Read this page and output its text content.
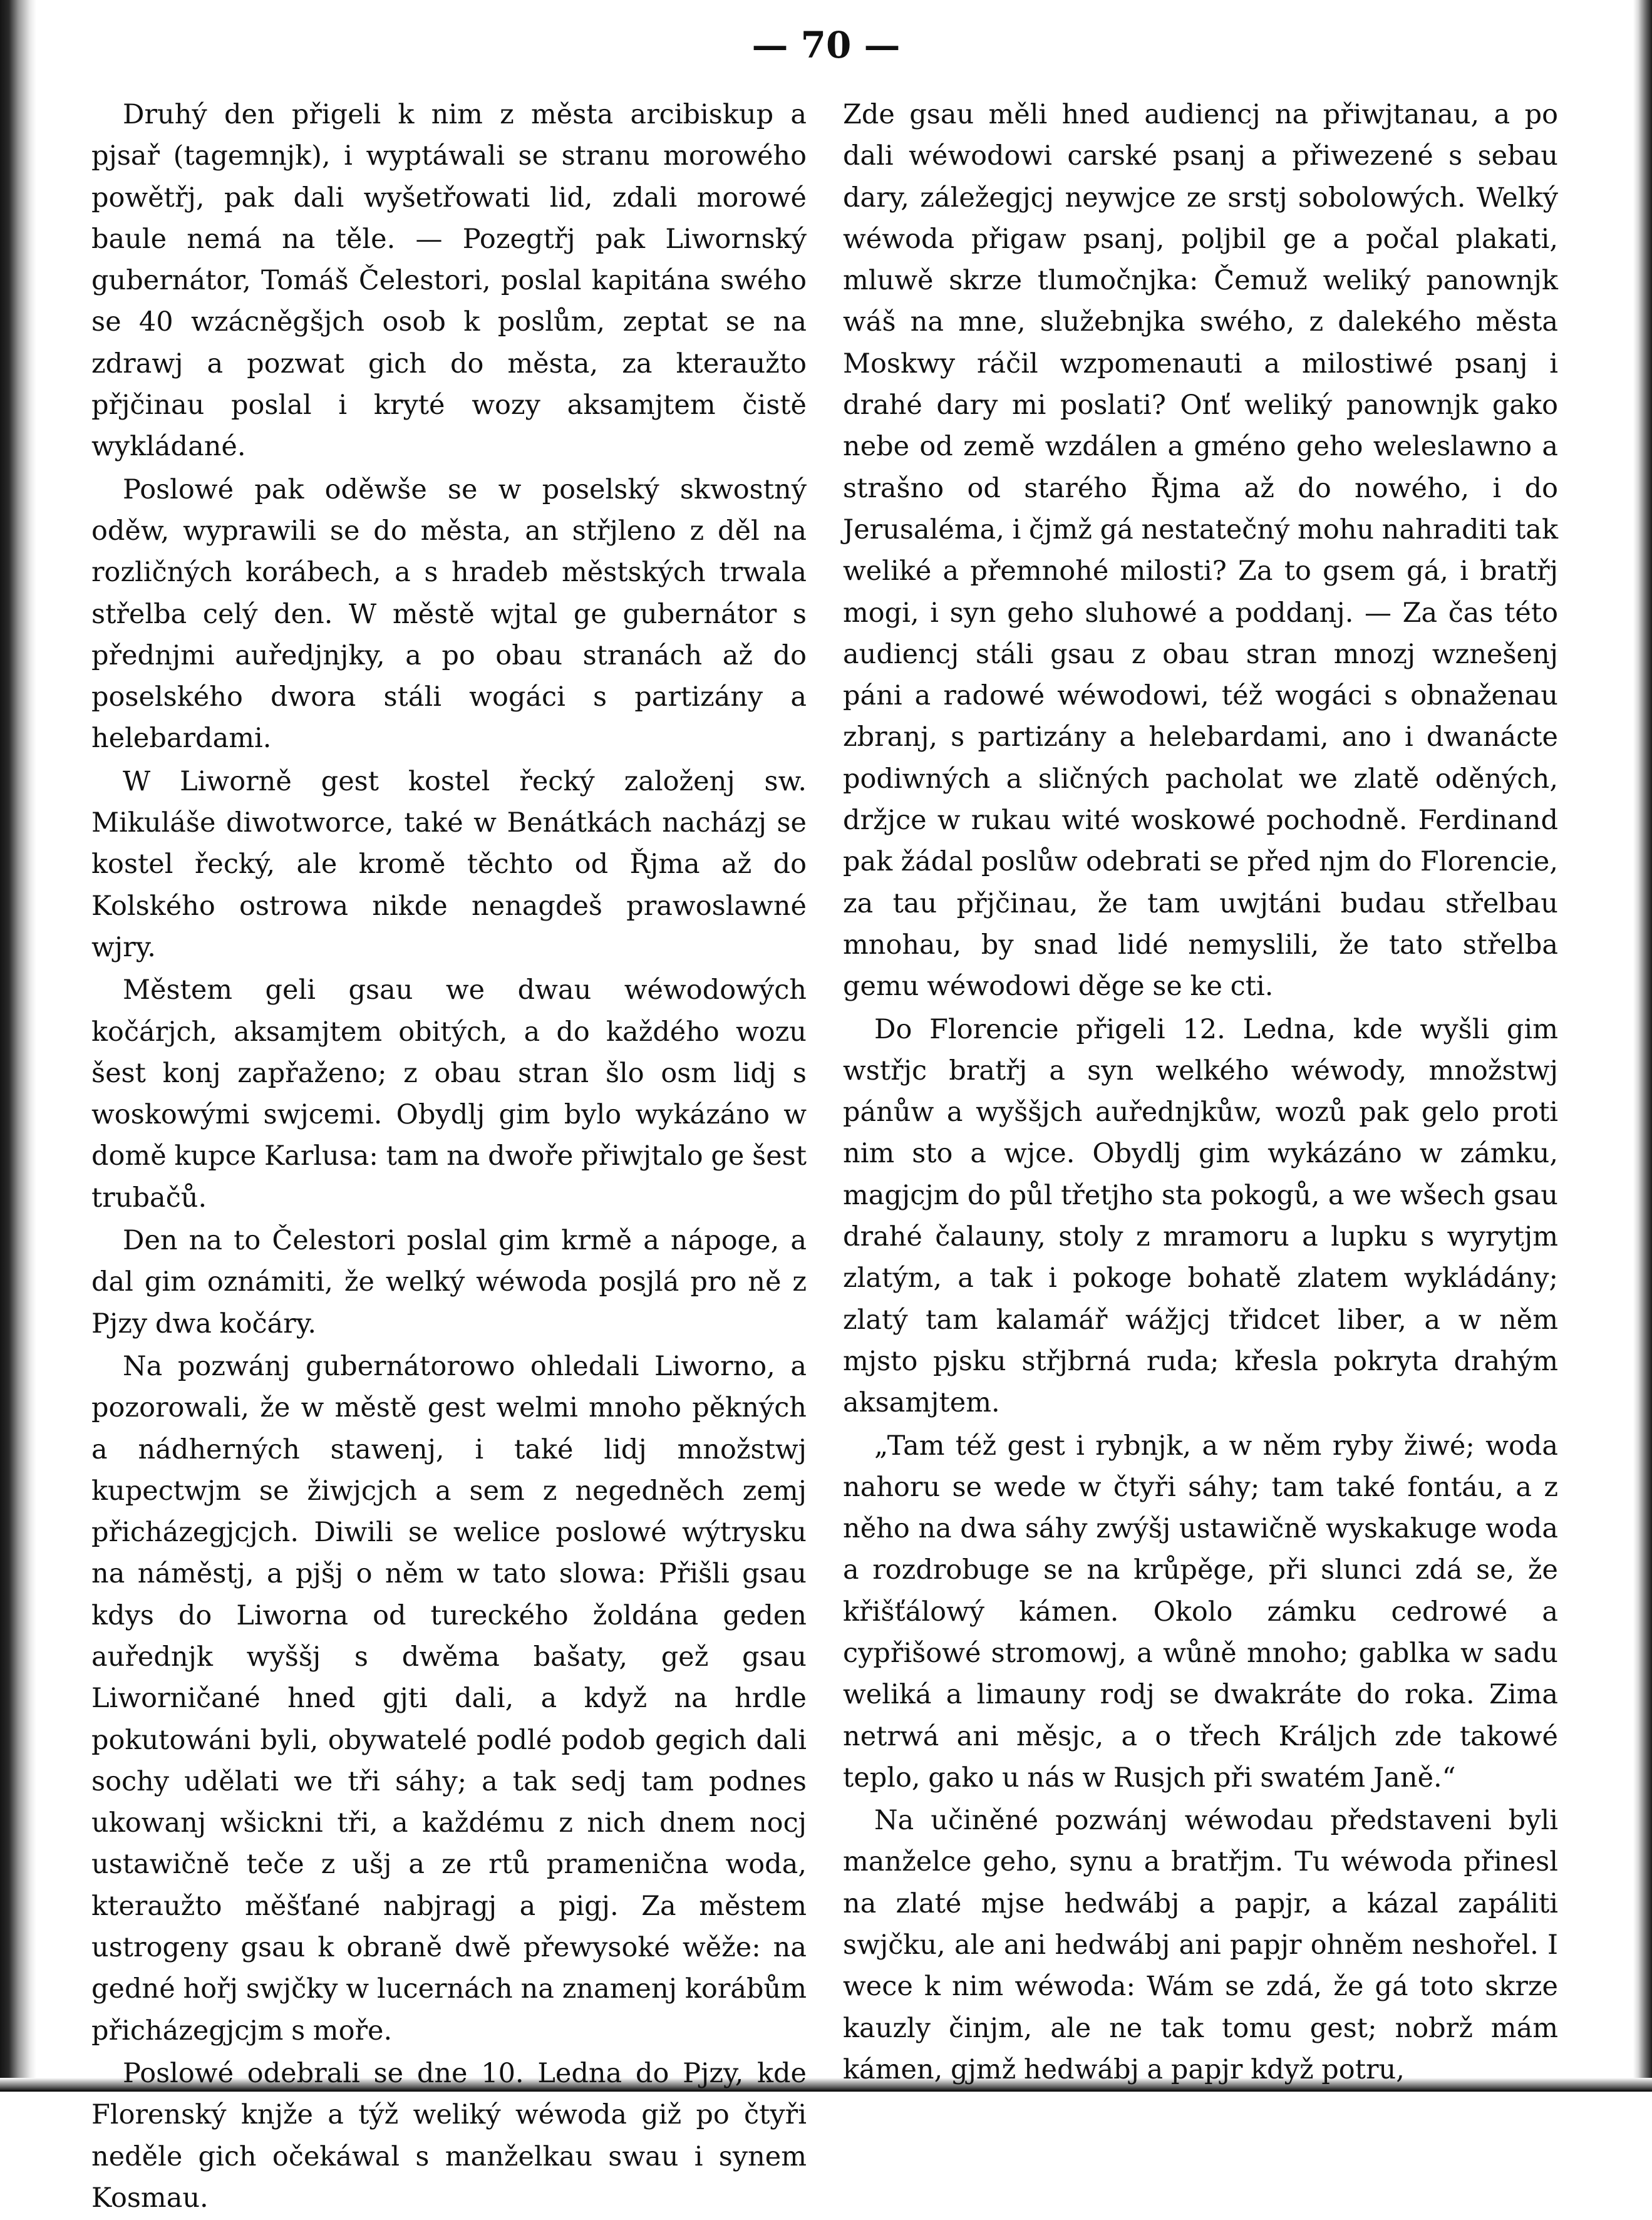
— 70 —

Druhý den přigeli k nim z města arcibiskup a pjsař (tagemnjk), i wyptáwali se stranu morowého powětřj, pak dali wyšetřowati lid, zdali morowé baule nemá na těle. — Pozegtřj pak Liwornský gubernátor, Tomáš Čelestori, poslal kapitána swého se 40 wzácněgšjch osob k poslům, zeptat se na zdrawj a pozwat gich do města, za kteraužto přjčinau poslal i kryté wozy aksamjtem čistě wykládané.

Poslowé pak oděwše se w poselský skwostný oděw, wyprawili se do města, an střjleno z děl na rozličných korábech, a s hradeb městských trwala střelba celý den. W městě wjtal ge gubernátor s přednjmi auředjnjky, a po obau stranách až do poselského dwora stáli wogáci s partizány a helebardami.

W Liworně gest kostel řecký založenj sw. Mikuláše diwotworce, také w Benátkách nacházj se kostel řecký, ale kromě těchto od Řjma až do Kolského ostrowa nikde nenagdeš prawoslawné wjry.

Městem geli gsau we dwau wéwodowých kočárjch, aksamjtem obitých, a do každého wozu šest konj zapřaženo; z obau stran šlo osm lidj s woskowými swjcemi. Obydlj gim bylo wykázáno w domě kupce Karlusa: tam na dwoře přiwjtalo ge šest trubačů.

Den na to Čelestori poslal gim krmě a nápoge, a dal gim oznámiti, že welký wéwoda posjlá pro ně z Pjzy dwa kočáry.

Na pozwánj gubernátorowo ohledali Liworno, a pozorowali, že w městě gest welmi mnoho pěkných a nádherných stawenj, i také lidj množstwj kupectwjm se žiwjcjch a sem z negedněch zemj přicházegjcjch. Diwili se welice poslowé wýtrysku na náměstj, a pjšj o něm w tato slowa: Přišli gsau kdys do Liworna od tureckého žoldána geden auřednjk wyššj s dwěma bašaty, gež gsau Liworničané hned gjti dali, a když na hrdle pokutowáni byli, obywatelé podlé podob gegich dali sochy udělati we tři sáhy; a tak sedj tam podnes ukowanj wšickni tři, a každému z nich dnem nocj ustawičně teče z ušj a ze rtů pramenična woda, kteraužto měšťané nabjragj a pigj. Za městem ustrogeny gsau k obraně dwě přewysoké wěže: na gedné hořj swjčky w lucernách na znamenj korábům přicházegjcjm s moře.

Poslowé odebrali se dne 10. Ledna do Pjzy, kde Florenský knjže a týž weliký wéwoda giž po čtyři neděle gich očekáwal s manželkau swau i synem Kosmau.

Zde gsau měli hned audiencj na přiwjtanau, a po dali wéwodowi carské psanj a přiwezené s sebau dary, záležegjcj neywjce ze srstj sobolowých. Welký wéwoda přigaw psanj, poljbil ge a počal plakati, mluwě skrze tlumočnjka: Čemuž weliký panownjk wáš na mne, služebnjka swého, z dalekého města Moskwy ráčil wzpomenauti a milostiwé psanj i drahé dary mi poslati? Onť weliký panownjk gako nebe od země wzdálen a gméno geho weleslawno a strašno od starého Řjma až do nowého, i do Jerusaléma, i čjmž gá nestatečný mohu nahraditi tak weliké a přemnohé milosti? Za to gsem gá, i bratřj mogi, i syn geho sluhowé a poddanj. — Za čas této audiencj stáli gsau z obau stran mnozj wznešenj páni a radowé wéwodowi, též wogáci s obnaženau zbranj, s partizány a helebardami, ano i dwanácte podiwných a sličných pacholat we zlatě oděných, držjce w rukau wité woskowé pochodně. Ferdinand pak žádal poslůw odebrati se před njm do Florencie, za tau přjčinau, že tam uwjtáni budau střelbau mnohau, by snad lidé nemyslili, že tato střelba gemu wéwodowi děge se ke cti.

Do Florencie přigeli 12. Ledna, kde wyšli gim wstřjc bratřj a syn welkého wéwody, množstwj pánůw a wyššjch auřednjkůw, wozů pak gelo proti nim sto a wjce. Obydlj gim wykázáno w zámku, magjcjm do půl třetjho sta pokogů, a we wšech gsau drahé čalauny, stoly z mramoru a lupku s wyrytjm zlatým, a tak i pokoge bohatě zlatem wykládány; zlatý tam kalamář wážjcj třidcet liber, a w něm mjsto pjsku střjbrná ruda; křesla pokryta drahým aksamjtem.

„Tam též gest i rybnjk, a w něm ryby žiwé; woda nahoru se wede w čtyři sáhy; tam také fontáu, a z něho na dwa sáhy zwýšj ustawičně wyskakuge woda a rozdrobuge se na krůpěge, při slunci zdá se, že křišťálowý kámen. Okolo zámku cedrowé a cypřišowé stromowj, a wůně mnoho; gablka w sadu weliká a limauny rodj se dwakráte do roka. Zima netrwá ani měsjc, a o třech Králjch zde takowé teplo, gako u nás w Rusjch při swatém Janě.“

Na učiněné pozwánj wéwodau představeni byli manželce geho, synu a bratřjm. Tu wéwoda přinesl na zlaté mjse hedwábj a papjr, a kázal zapáliti swjčku, ale ani hedwábj ani papjr ohněm neshořel. I wece k nim wéwoda: Wám se zdá, že gá toto skrze kauzly činjm, ale ne tak tomu gest; nobrž mám kámen, gjmž hedwábj a papjr když potru,
